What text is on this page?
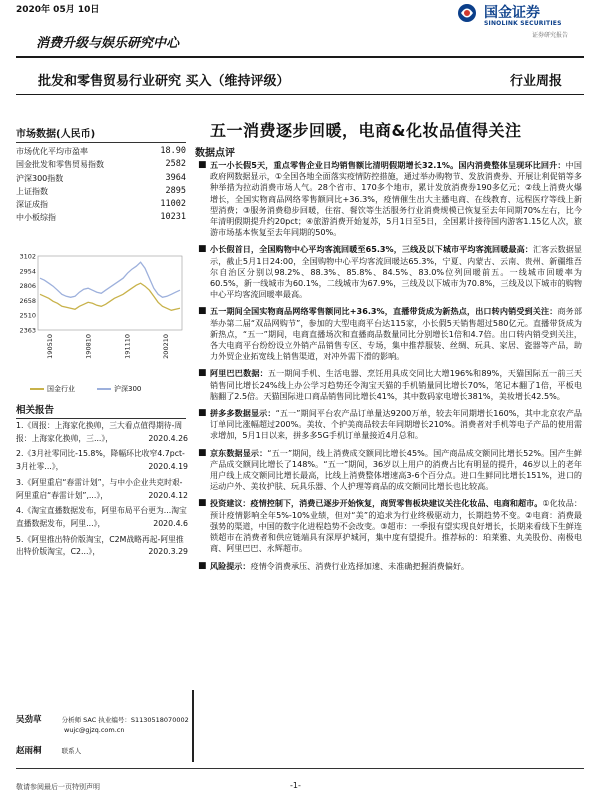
2020年 05月 10日
消费升级与娱乐研究中心
国金证券
SINOLINK SECURITIES
证券研究报告
批发和零售贸易行业研究 买入（维持评级）	行业周报
五一消费逐步回暖，电商&化妆品值得关注
数据点评
市场数据(人民币)
市场优化平均市盈率	18.90
国金批发和零售贸易指数	2582
沪深300指数	3964
上证指数	2895
深证成指	11002
中小板综指	10231
3102
2954
2806
2658
2510
2363
190510	190810	191110	200210
国金行业	沪深300
相关报告
1.《周报：上海家化换帅，三大看点值得期待-周报：上海家化换帅，三...》，	2020.4.26
2.《3月社零同比-15.8%，降幅环比收窄4.7pct-3月社零...》，	2020.4.19
3.《阿里重启“春雷计划”，与中小企业共克时艰-阿里重启“春雷计划”,...》，	2020.4.12
4.《淘宝直播数据发布，阿里布局平台更为...淘宝直播数据发布，阿里...》，	2020.4.6
5.《阿里推出特价版淘宝，C2M战略再起-阿里推出特价版淘宝，C2...》，	2020.3.29
吴劲草	分析师 SAC 执业编号：S1130518070002
wujc@gjzq.com.cn
赵雨桐	联系人
■ 五一小长假5天，重点零售企业日均销售额比清明假期增长32.1%。国内消费整体呈现环比回升：中国政府网数据显示，①全国各地全面落实疫情防控措施，通过举办购物节、发放消费券、开展让利促销等多种举措为拉动消费市场人气。28个省市、170多个地市，累计发放消费券190多亿元；②线上消费火爆增长，全国实物商品网络零售额同比+36.3%，疫情催生出大主播电商、在线教育、远程医疗等线上新型消费；③服务消费稳步回暖，住宿、餐饮等生活服务行业消费规模已恢复至去年同期70%左右，比今年清明假期提升约20pct；④旅游消费开始复苏，5月1日至5日，全国累计接待国内游客1.15亿人次，旅游市场基本恢复至去年同期的50%。
■ 小长假首日，全国购物中心平均客流回暖至65.3%，三线及以下城市平均客流回暖最高：汇客云数据显示，截止5月1日24:00，全国购物中心平均客流回暖达65.3%，宁夏、内蒙古、云南、贵州、新疆维吾尔自治区分别以98.2%、88.3%、85.8%、84.5%、83.0%位列回暖前五。一线城市回暖率为60.5%，新一线城市为60.1%，二线城市为67.9%，三线及以下城市为70.8%，三线及以下城市的购物中心平均客流回暖率最高。
■ 五一期间全国实物商品网络零售额同比+36.3%，直播带货成为新热点，出口转内销受到关注：商务部举办第二届“双品网购节”，参加的大型电商平台达115家，小长假5天销售超过580亿元。直播带货成为新热点，“五一”期间，电商直播场次和直播商品数量同比分别增长1倍和4.7倍。出口转内销受到关注，各大电商平台纷纷设立外销产品销售专区、专场，集中推荐服装、丝绸、玩具、家居、瓷器等产品，助力外贸企业拓宽线上销售渠道，对冲外需下滑的影响。
■ 阿里巴巴数据：五一期间手机、生活电器、烹饪用具成交同比大增196%和89%，天猫国际五一前三天销售同比增长24%线上办公学习趋势还令淘宝天猫的手机销量同比增长70%，笔记本翻了1倍，平板电脑翻了2.5倍。天猫国际进口商品销售同比增长41%，其中数码家电增长381%，美妆增长42.5%。
■ 拼多多数据显示：“五一”期间平台农产品订单量达9200万单，较去年同期增长160%，其中北京农产品订单同比涨幅超过200%。美妆、个护美商品较去年同期增长210%。消费者对手机等电子产品的使用需求增加，5月1日以来，拼多多5G手机订单量接近4月总和。
■ 京东数据显示：“五一”期间，线上消费成交额同比增长45%。国产商品成交额同比增长52%。国产生鲜产品成交额同比增长了148%。“五一”期间，36岁以上用户的消费占比有明显的提升，46岁以上的老年用户线上成交额同比增长最高，比线上消费整体增速高3-6个百分点。进口生鲜同比增长151%，进口的运动户外、美妆护肤、玩具乐器、个人护理等商品的成交额同比增长也比较高。
■ 投资建议：疫情控制下，消费已逐步开始恢复，商贸零售板块建议关注化妆品、电商和超市。①化妆品：预计疫情影响全年5%-10%业绩，但对“美”的追求为行业终极驱动力，长期趋势不变。②电商：消费最强势的渠道，中国的数字化进程趋势不会改变。③超市：一季报有望实现良好增长，长期来看线下生鲜连锁超市在消费者和供应链端具有深厚护城河，集中度有望提升。推荐标的：珀莱雅、丸美股份、南极电商、阿里巴巴、永辉超市。
■ 风险提示：疫情令消费承压、消费行业选择加速、未准确把握消费偏好。
敬请参阅最后一页特别声明	-1-
